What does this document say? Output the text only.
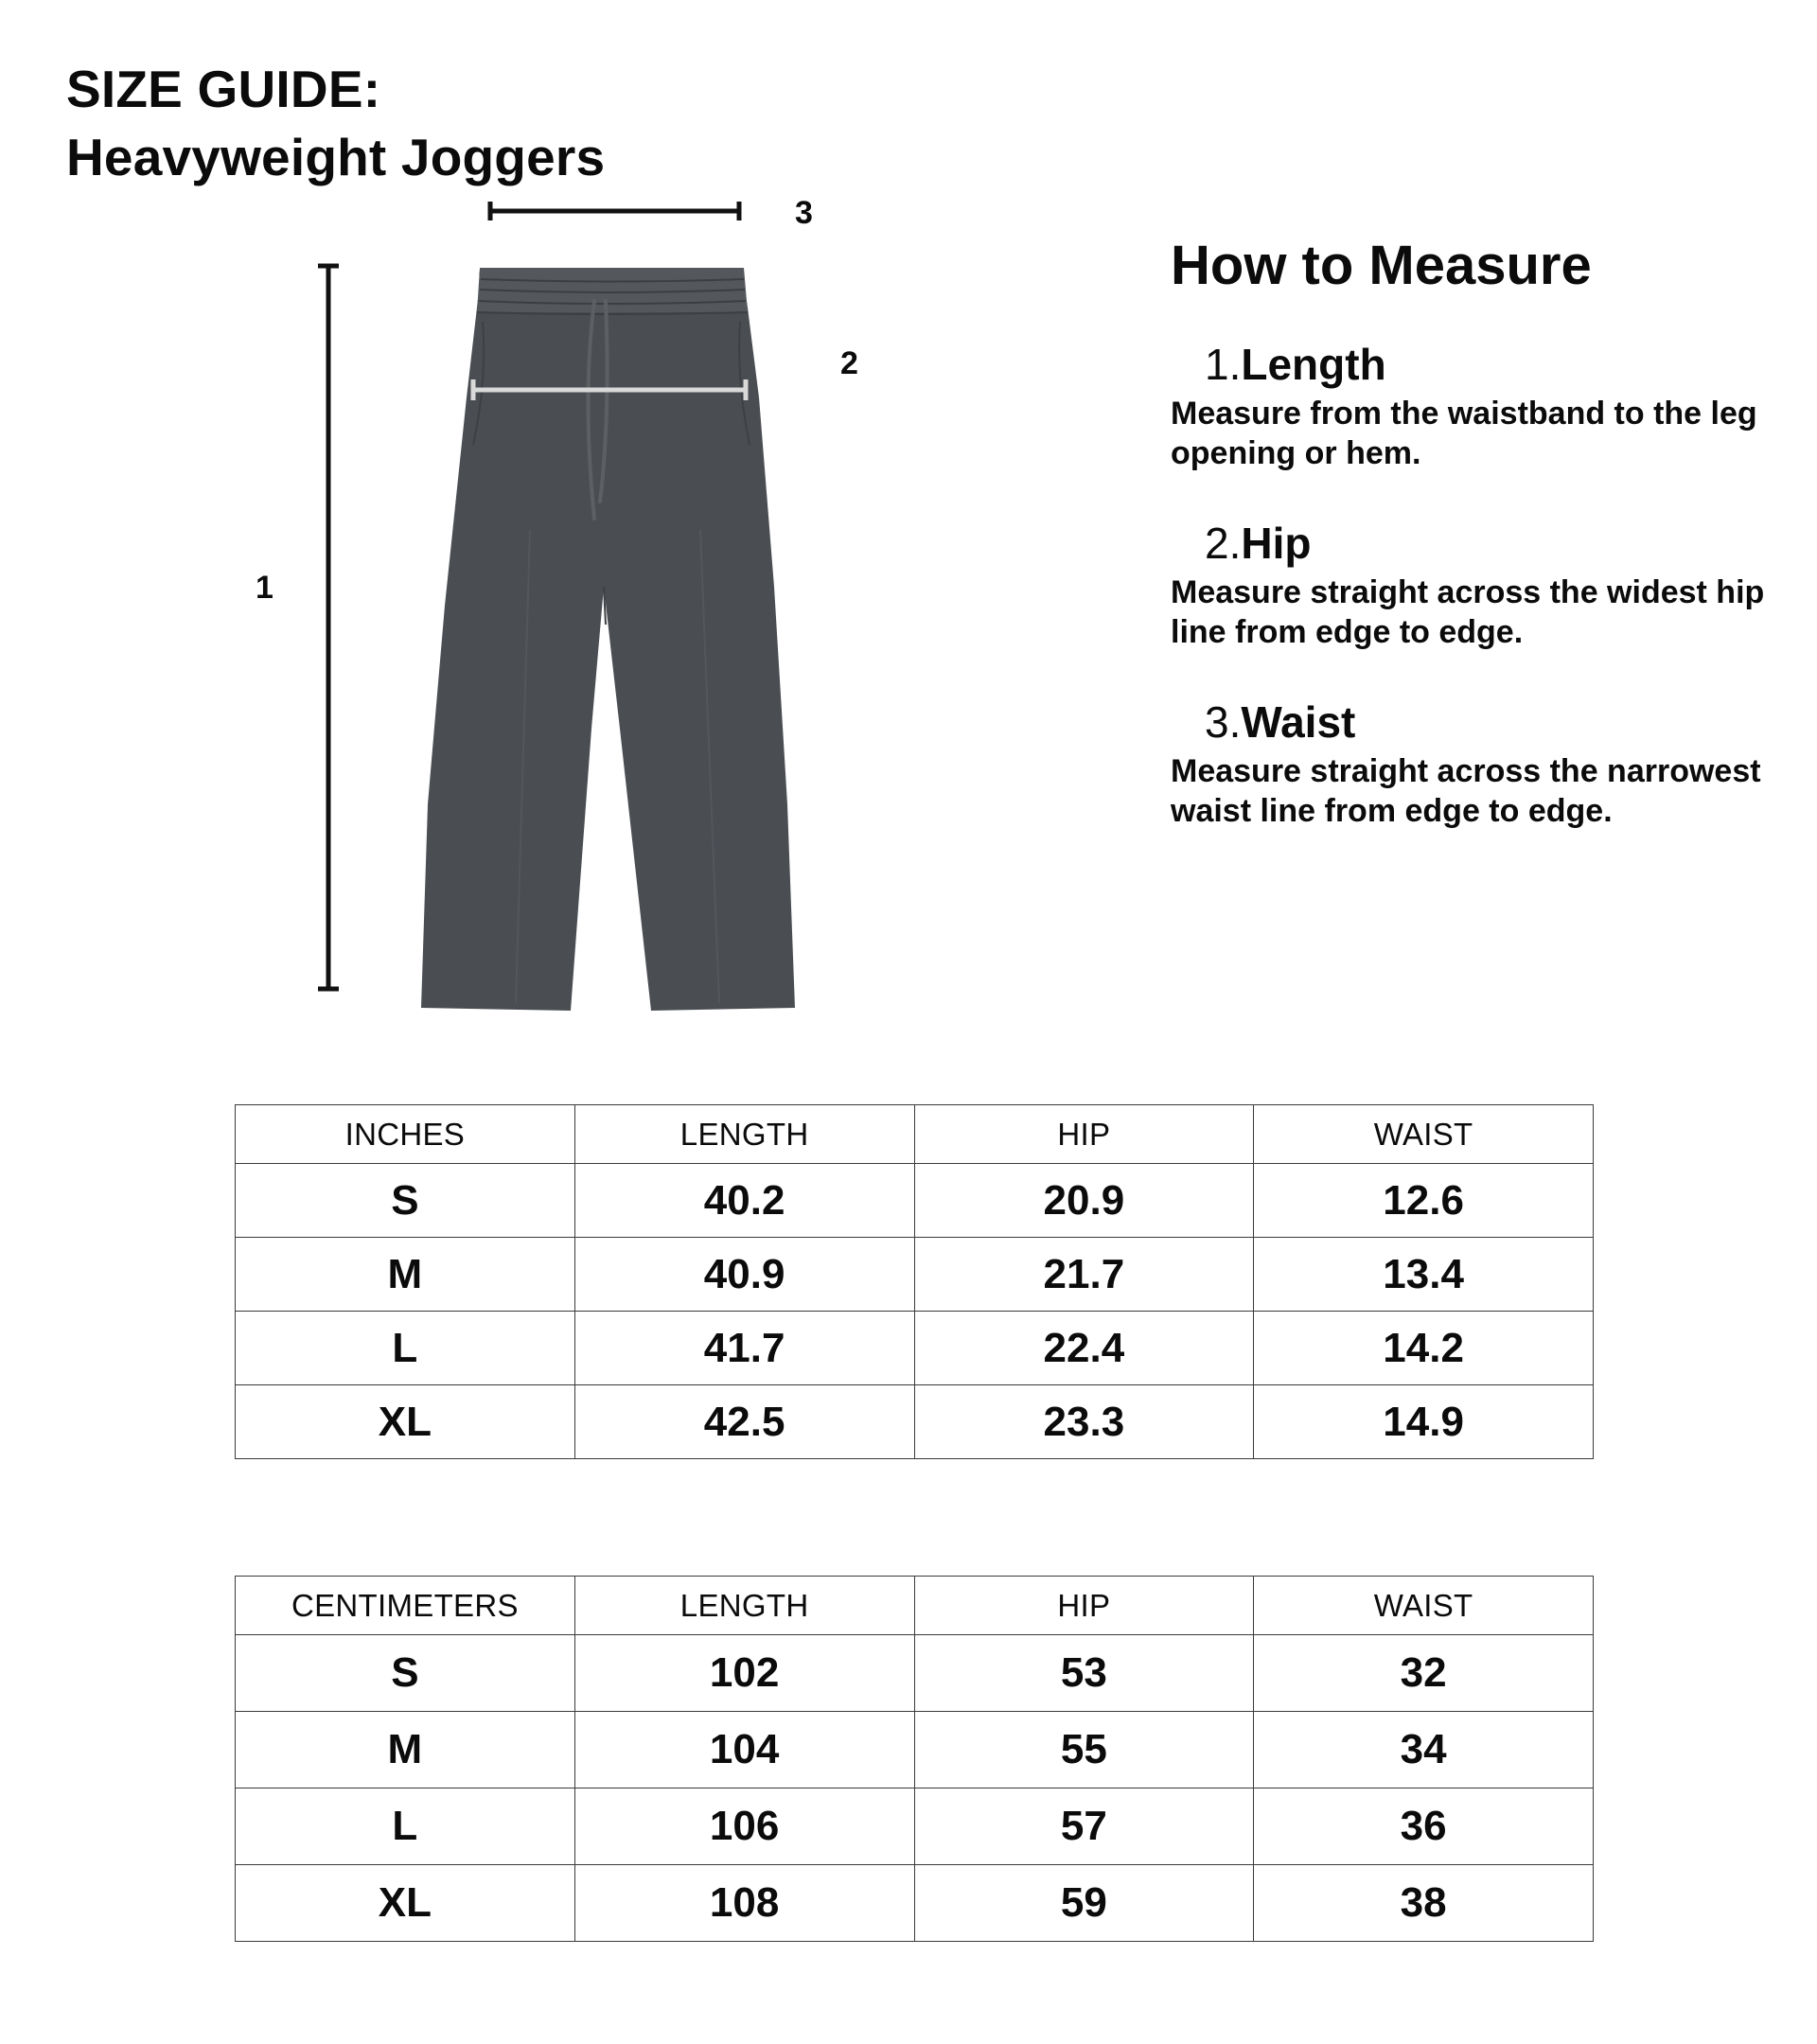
SIZE GUIDE:
Heavyweight Joggers
1
2
3
How to Measure
1.Length
Measure from the waistband to the leg opening or hem.
2.Hip
Measure straight across the widest hip line from edge to edge.
3.Waist
Measure straight across the narrowest waist line from edge to edge.
INCHES	LENGTH	HIP	WAIST
S	40.2	20.9	12.6
M	40.9	21.7	13.4
L	41.7	22.4	14.2
XL	42.5	23.3	14.9
CENTIMETERS	LENGTH	HIP	WAIST
S	102	53	32
M	104	55	34
L	106	57	36
XL	108	59	38
